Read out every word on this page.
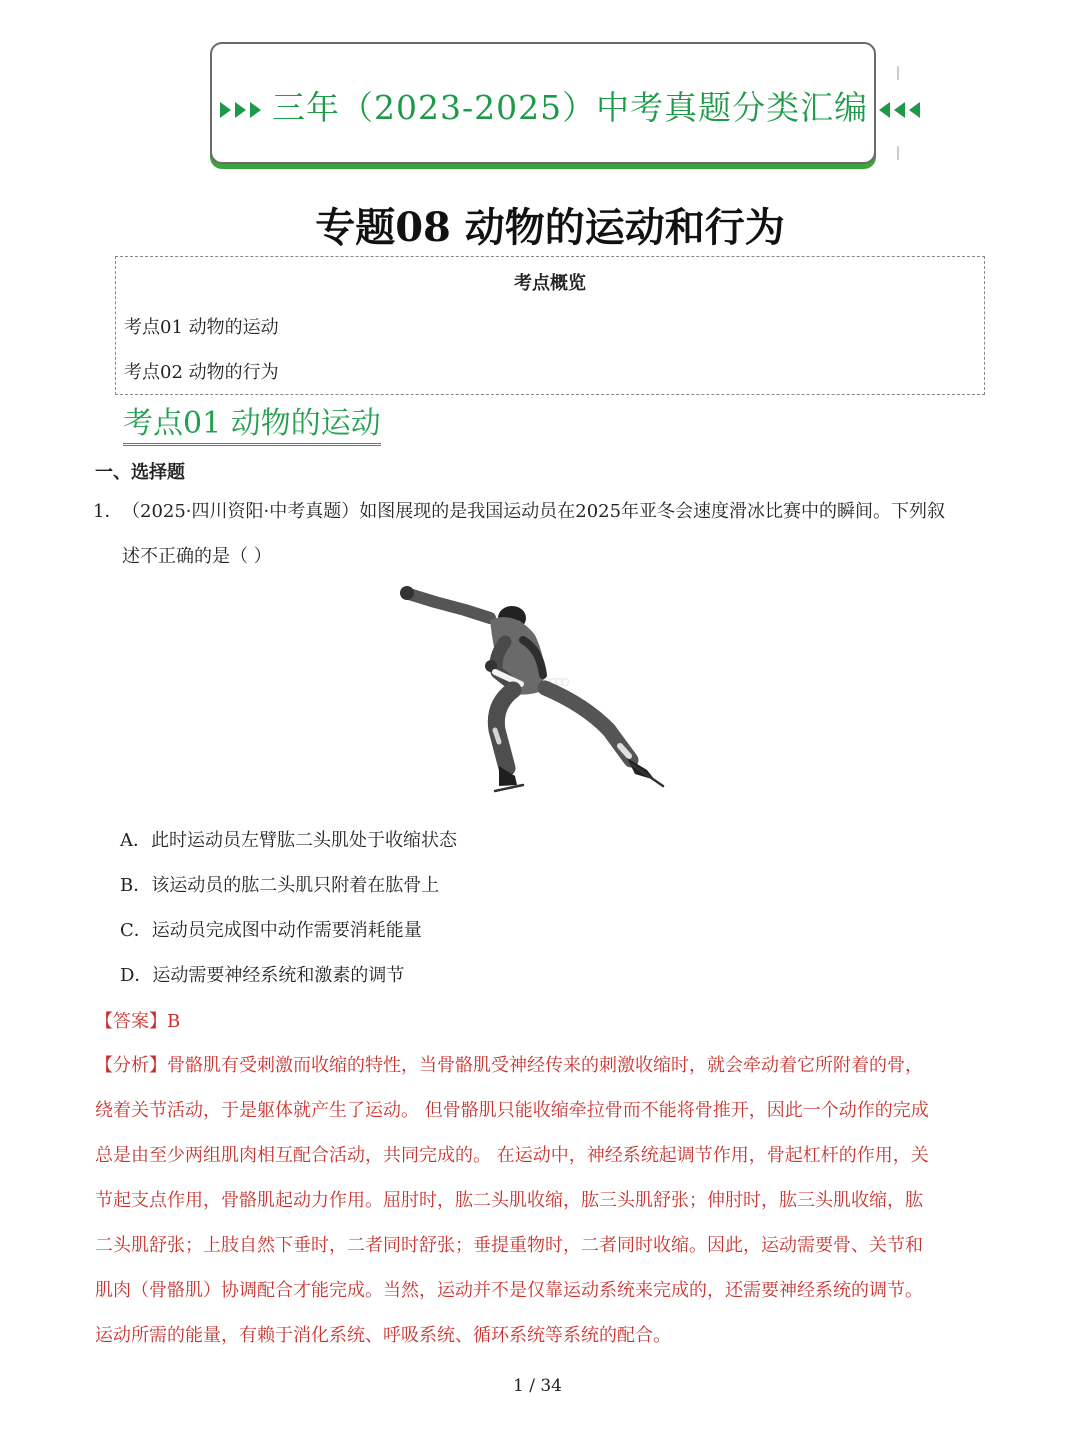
三年（2023-2025）中考真题分类汇编
专题08 动物的运动和行为
考点概览
考点01 动物的运动
考点02 动物的行为
考点01 动物的运动
一、选择题
1． （2025·四川资阳·中考真题）如图展现的是我国运动员在2025年亚冬会速度滑冰比赛中的瞬间。下列叙
述不正确的是（ ）
A．此时运动员左臂肱二头肌处于收缩状态
B．该运动员的肱二头肌只附着在肱骨上
C．运动员完成图中动作需要消耗能量
D．运动需要神经系统和激素的调节
【答案】B
【分析】骨骼肌有受刺激而收缩的特性，当骨骼肌受神经传来的刺激收缩时，就会牵动着它所附着的骨，
绕着关节活动，于是躯体就产生了运动。 但骨骼肌只能收缩牵拉骨而不能将骨推开，因此一个动作的完成
总是由至少两组肌肉相互配合活动，共同完成的。 在运动中，神经系统起调节作用，骨起杠杆的作用，关
节起支点作用，骨骼肌起动力作用。屈肘时，肱二头肌收缩，肱三头肌舒张；伸肘时，肱三头肌收缩，肱
二头肌舒张；上肢自然下垂时，二者同时舒张；垂提重物时，二者同时收缩。因此，运动需要骨、关节和
肌肉（骨骼肌）协调配合才能完成。当然，运动并不是仅靠运动系统来完成的，还需要神经系统的调节。
运动所需的能量，有赖于消化系统、呼吸系统、循环系统等系统的配合。
1 / 34
